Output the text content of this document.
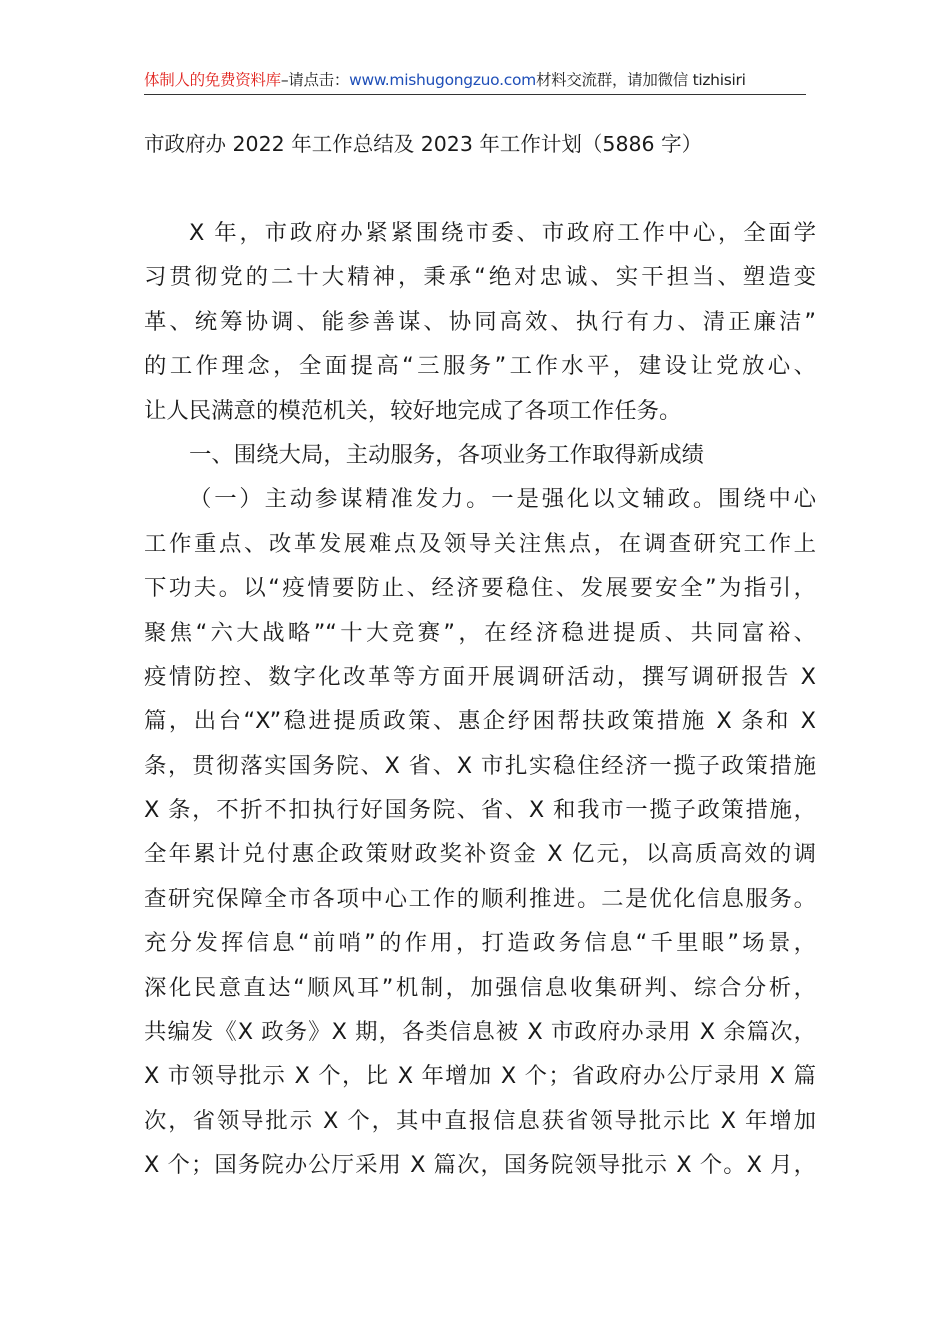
体制人的免费资料库–请点击：www.mishugongzuo.com材料交流群，请加微信 tizhisiri
市政府办 2022 年工作总结及 2023 年工作计划（5886 字）
X 年，市政府办紧紧围绕市委、市政府工作中心，全面学
习贯彻党的二十大精神，秉承“绝对忠诚、实干担当、塑造变
革、统筹协调、能参善谋、协同高效、执行有力、清正廉洁”
的工作理念，全面提高“三服务”工作水平，建设让党放心、
让人民满意的模范机关，较好地完成了各项工作任务。
一、围绕大局，主动服务，各项业务工作取得新成绩
（一）主动参谋精准发力。一是强化以文辅政。围绕中心
工作重点、改革发展难点及领导关注焦点，在调查研究工作上
下功夫。以“疫情要防止、经济要稳住、发展要安全”为指引，
聚焦“六大战略”“十大竞赛”，在经济稳进提质、共同富裕、
疫情防控、数字化改革等方面开展调研活动，撰写调研报告 X
篇，出台“X”稳进提质政策、惠企纾困帮扶政策措施 X 条和 X
条，贯彻落实国务院、X 省、X 市扎实稳住经济一揽子政策措施
X 条，不折不扣执行好国务院、省、X 和我市一揽子政策措施，
全年累计兑付惠企政策财政奖补资金 X 亿元，以高质高效的调
查研究保障全市各项中心工作的顺利推进。二是优化信息服务。
充分发挥信息“前哨”的作用，打造政务信息“千里眼”场景，
深化民意直达“顺风耳”机制，加强信息收集研判、综合分析，
共编发《X 政务》X 期，各类信息被 X 市政府办录用 X 余篇次，
X 市领导批示 X 个，比 X 年增加 X 个；省政府办公厅录用 X 篇
次，省领导批示 X 个，其中直报信息获省领导批示比 X 年增加
X 个；国务院办公厅采用 X 篇次，国务院领导批示 X 个。X 月，
